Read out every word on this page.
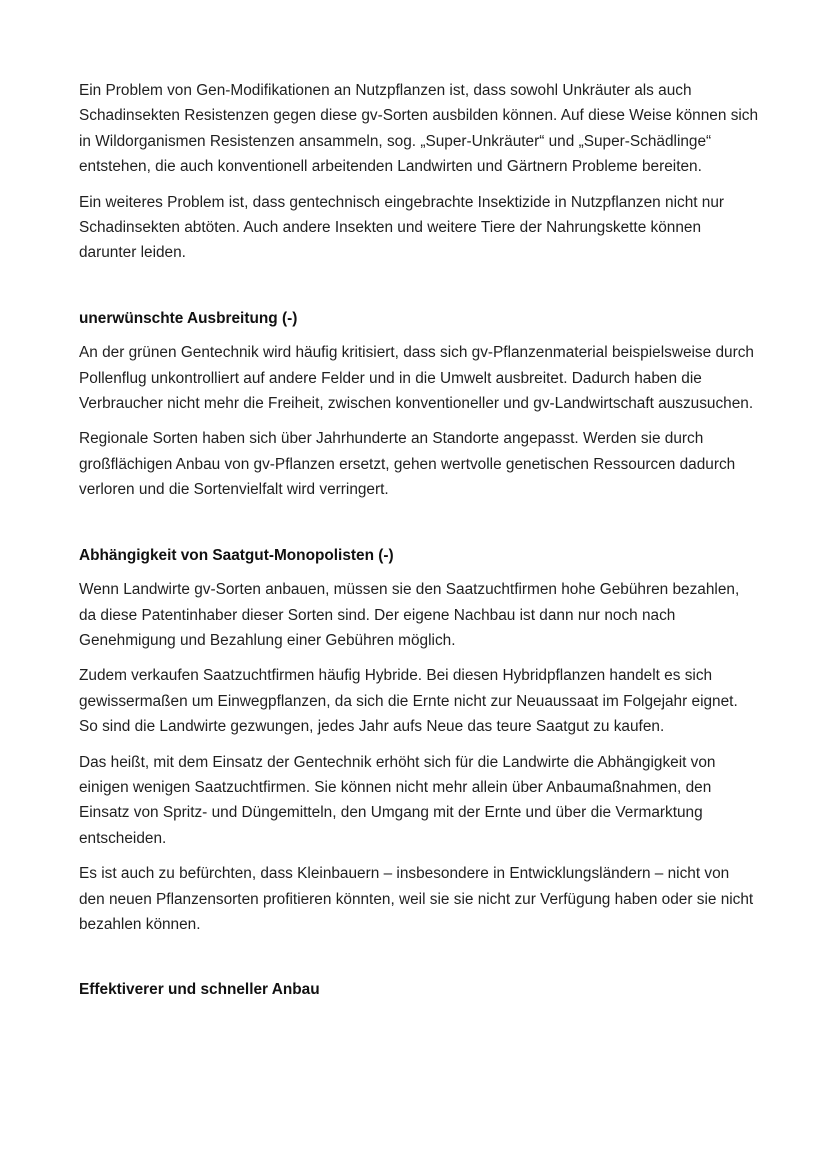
Ein Problem von Gen-Modifikationen an Nutzpflanzen ist, dass sowohl Unkräuter als auch Schadinsekten Resistenzen gegen diese gv-Sorten ausbilden können. Auf diese Weise können sich in Wildorganismen Resistenzen ansammeln, sog. „Super-Unkräuter“ und „Super-Schädlinge“ entstehen, die auch konventionell arbeitenden Landwirten und Gärtnern Probleme bereiten.

Ein weiteres Problem ist, dass gentechnisch eingebrachte Insektizide in Nutzpflanzen nicht nur Schadinsekten abtöten. Auch andere Insekten und weitere Tiere der Nahrungskette können darunter leiden.

unerwünschte Ausbreitung (-)

An der grünen Gentechnik wird häufig kritisiert, dass sich gv-Pflanzenmaterial beispielsweise durch Pollenflug unkontrolliert auf andere Felder und in die Umwelt ausbreitet. Dadurch haben die Verbraucher nicht mehr die Freiheit, zwischen konventioneller und gv-Landwirtschaft auszusuchen.

Regionale Sorten haben sich über Jahrhunderte an Standorte angepasst. Werden sie durch großflächigen Anbau von gv-Pflanzen ersetzt, gehen wertvolle genetischen Ressourcen dadurch verloren und die Sortenvielfalt wird verringert.

Abhängigkeit von Saatgut-Monopolisten (-)

Wenn Landwirte gv-Sorten anbauen, müssen sie den Saatzuchtfirmen hohe Gebühren bezahlen, da diese Patentinhaber dieser Sorten sind. Der eigene Nachbau ist dann nur noch nach Genehmigung und Bezahlung einer Gebühren möglich.

Zudem verkaufen Saatzuchtfirmen häufig Hybride. Bei diesen Hybridpflanzen handelt es sich gewissermaßen um Einwegpflanzen, da sich die Ernte nicht zur Neuaussaat im Folgejahr eignet. So sind die Landwirte gezwungen, jedes Jahr aufs Neue das teure Saatgut zu kaufen.

Das heißt, mit dem Einsatz der Gentechnik erhöht sich für die Landwirte die Abhängigkeit von einigen wenigen Saatzuchtfirmen. Sie können nicht mehr allein über Anbaumaßnahmen, den Einsatz von Spritz- und Düngemitteln, den Umgang mit der Ernte und über die Vermarktung entscheiden.

Es ist auch zu befürchten, dass Kleinbauern – insbesondere in Entwicklungsländern – nicht von den neuen Pflanzensorten profitieren könnten, weil sie sie nicht zur Verfügung haben oder sie nicht bezahlen können.

Effektiverer und schneller Anbau
